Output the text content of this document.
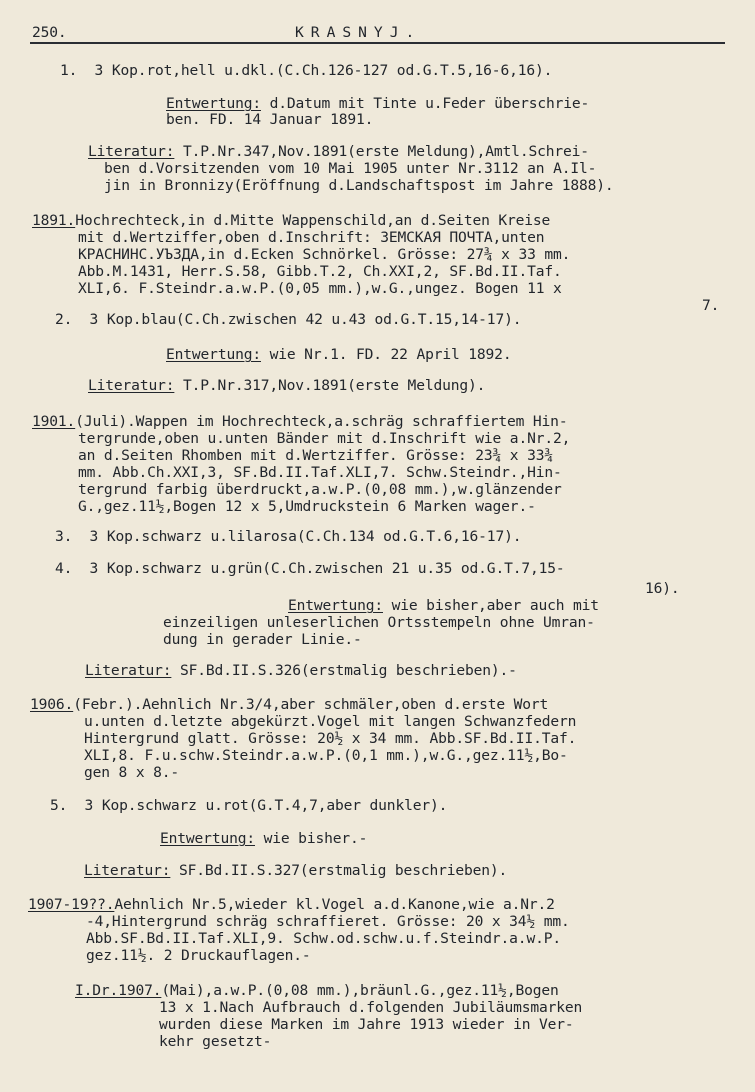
250.	KRASNYJ.
1.  3 Kop.rot,hell u.dkl.(C.Ch.126-127 od.G.T.5,16-6,16).
Entwertung: d.Datum mit Tinte u.Feder überschrie-
ben. FD. 14 Januar 1891.
Literatur: T.P.Nr.347,Nov.1891(erste Meldung),Amtl.Schrei-
ben d.Vorsitzenden vom 10 Mai 1905 unter Nr.3112 an A.Il-
jin in Bronnizy(Eröffnung d.Landschaftspost im Jahre 1888).
1891.Hochrechteck,in d.Mitte Wappenschild,an d.Seiten Kreise
mit d.Wertziffer,oben d.Inschrift: ЗЕМСКАЯ ПОЧТА,unten
КРАСНИНС.УЪЗДА,in d.Ecken Schnörkel. Grösse: 27¾ x 33 mm.
Abb.M.1431, Herr.S.58, Gibb.T.2, Ch.XXI,2, SF.Bd.II.Taf.
XLI,6. F.Steindr.a.w.P.(0,05 mm.),w.G.,ungez. Bogen 11 x
7.
2.  3 Kop.blau(C.Ch.zwischen 42 u.43 od.G.T.15,14-17).
Entwertung: wie Nr.1. FD. 22 April 1892.
Literatur: T.P.Nr.317,Nov.1891(erste Meldung).
1901.(Juli).Wappen im Hochrechteck,a.schräg schraffiertem Hin-
tergrunde,oben u.unten Bänder mit d.Inschrift wie a.Nr.2,
an d.Seiten Rhomben mit d.Wertziffer. Grösse: 23¾ x 33¾
mm. Abb.Ch.XXI,3, SF.Bd.II.Taf.XLI,7. Schw.Steindr.,Hin-
tergrund farbig überdruckt,a.w.P.(0,08 mm.),w.glänzender
G.,gez.11½,Bogen 12 x 5,Umdruckstein 6 Marken wager.-
3.  3 Kop.schwarz u.lilarosa(C.Ch.134 od.G.T.6,16-17).
4.  3 Kop.schwarz u.grün(C.Ch.zwischen 21 u.35 od.G.T.7,15-
16).
Entwertung: wie bisher,aber auch mit
einzeiligen unleserlichen Ortsstempeln ohne Umran-
dung in gerader Linie.-
Literatur: SF.Bd.II.S.326(erstmalig beschrieben).-
1906.(Febr.).Aehnlich Nr.3/4,aber schmäler,oben d.erste Wort
u.unten d.letzte abgekürzt.Vogel mit langen Schwanzfedern
Hintergrund glatt. Grösse: 20½ x 34 mm. Abb.SF.Bd.II.Taf.
XLI,8. F.u.schw.Steindr.a.w.P.(0,1 mm.),w.G.,gez.11½,Bo-
gen 8 x 8.-
5.  3 Kop.schwarz u.rot(G.T.4,7,aber dunkler).
Entwertung: wie bisher.-
Literatur: SF.Bd.II.S.327(erstmalig beschrieben).
1907-19??.Aehnlich Nr.5,wieder kl.Vogel a.d.Kanone,wie a.Nr.2
-4,Hintergrund schräg schraffieret. Grösse: 20 x 34½ mm.
Abb.SF.Bd.II.Taf.XLI,9. Schw.od.schw.u.f.Steindr.a.w.P.
gez.11½. 2 Druckauflagen.-
I.Dr.1907.(Mai),a.w.P.(0,08 mm.),bräunl.G.,gez.11½,Bogen
13 x 1.Nach Aufbrauch d.folgenden Jubiläumsmarken
wurden diese Marken im Jahre 1913 wieder in Ver-
kehr gesetzt-
